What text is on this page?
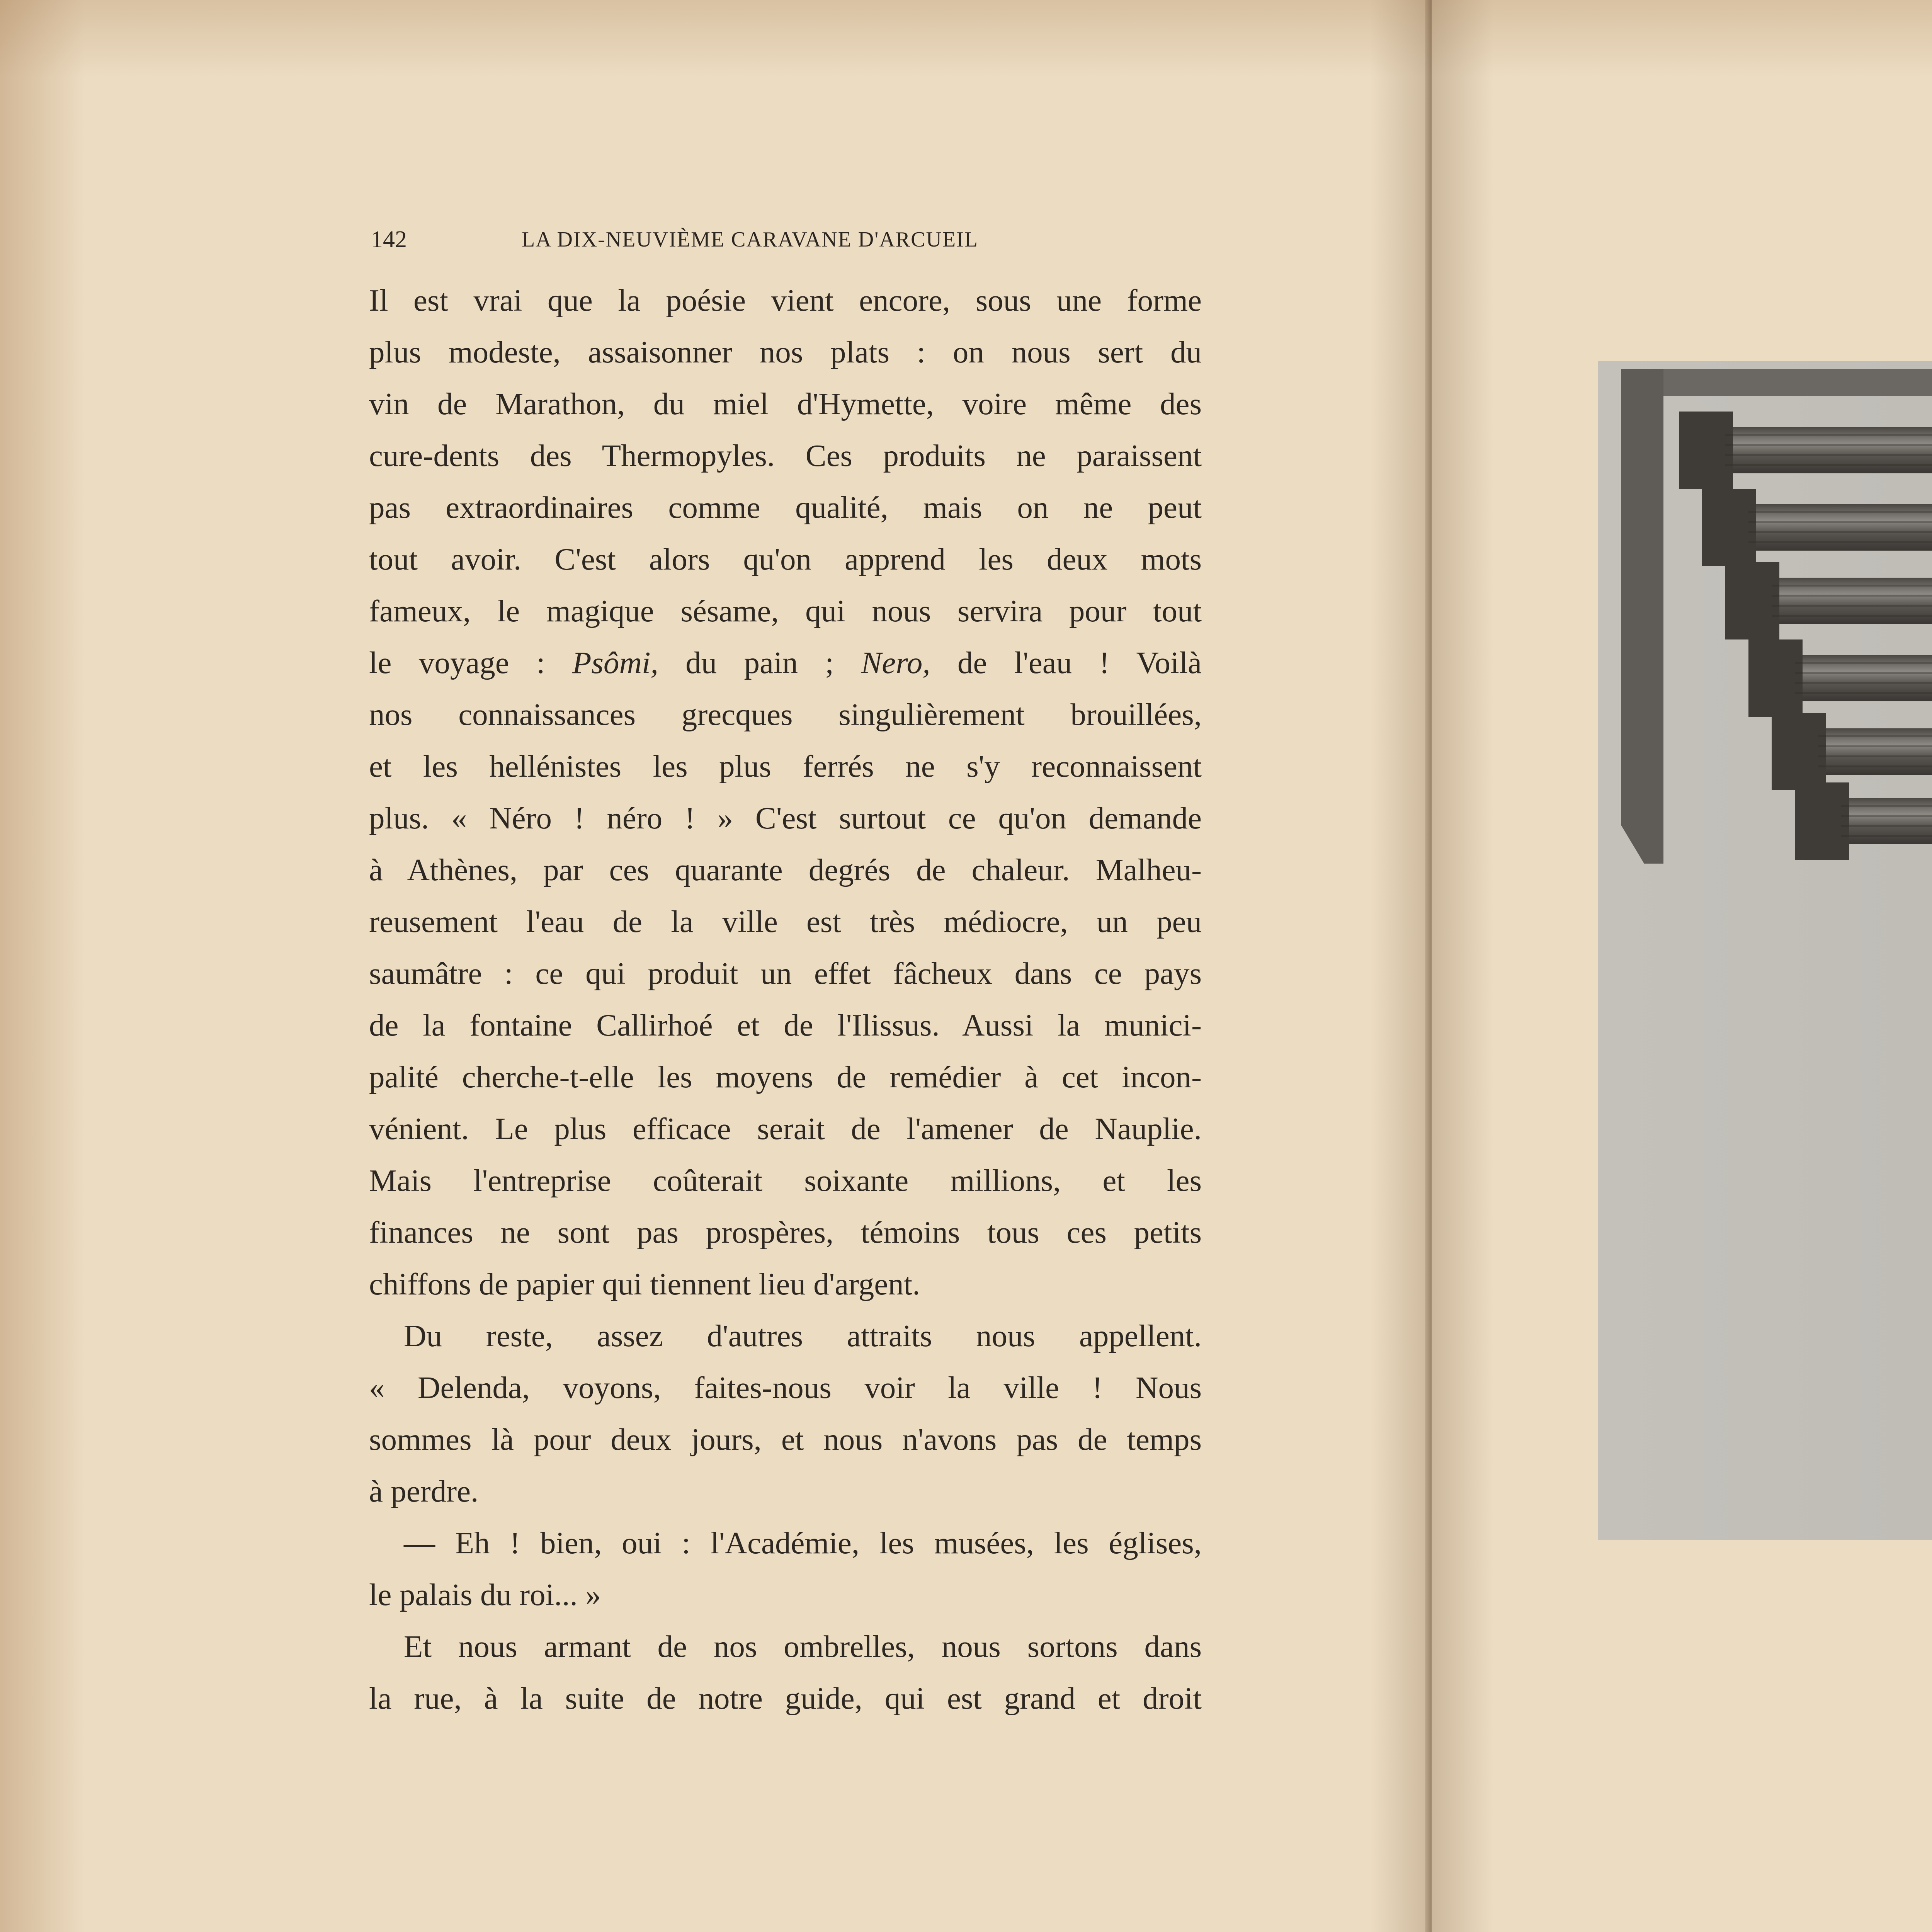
142	LA DIX-NEUVIÈME CARAVANE D'ARCUEIL
Il est vrai que la poésie vient encore, sous une forme
plus modeste, assaisonner nos plats : on nous sert du
vin de Marathon, du miel d'Hymette, voire même des
cure-dents des Thermopyles. Ces produits ne paraissent
pas extraordinaires comme qualité, mais on ne peut
tout avoir. C'est alors qu'on apprend les deux mots
fameux, le magique sésame, qui nous servira pour tout
le voyage : Psômi, du pain ; Nero, de l'eau ! Voilà
nos connaissances grecques singulièrement brouillées,
et les hellénistes les plus ferrés ne s'y reconnaissent
plus. « Néro ! néro ! » C'est surtout ce qu'on demande
à Athènes, par ces quarante degrés de chaleur. Malheu-
reusement l'eau de la ville est très médiocre, un peu
saumâtre : ce qui produit un effet fâcheux dans ce pays
de la fontaine Callirhoé et de l'Ilissus. Aussi la munici-
palité cherche-t-elle les moyens de remédier à cet incon-
vénient. Le plus efficace serait de l'amener de Nauplie.
Mais l'entreprise coûterait soixante millions, et les
finances ne sont pas prospères, témoins tous ces petits
chiffons de papier qui tiennent lieu d'argent.
Du reste, assez d'autres attraits nous appellent.
« Delenda, voyons, faites-nous voir la ville ! Nous
sommes là pour deux jours, et nous n'avons pas de temps
à perdre.
— Eh ! bien, oui : l'Académie, les musées, les églises,
le palais du roi... »
Et nous armant de nos ombrelles, nous sortons dans
la rue, à la suite de notre guide, qui est grand et droit
